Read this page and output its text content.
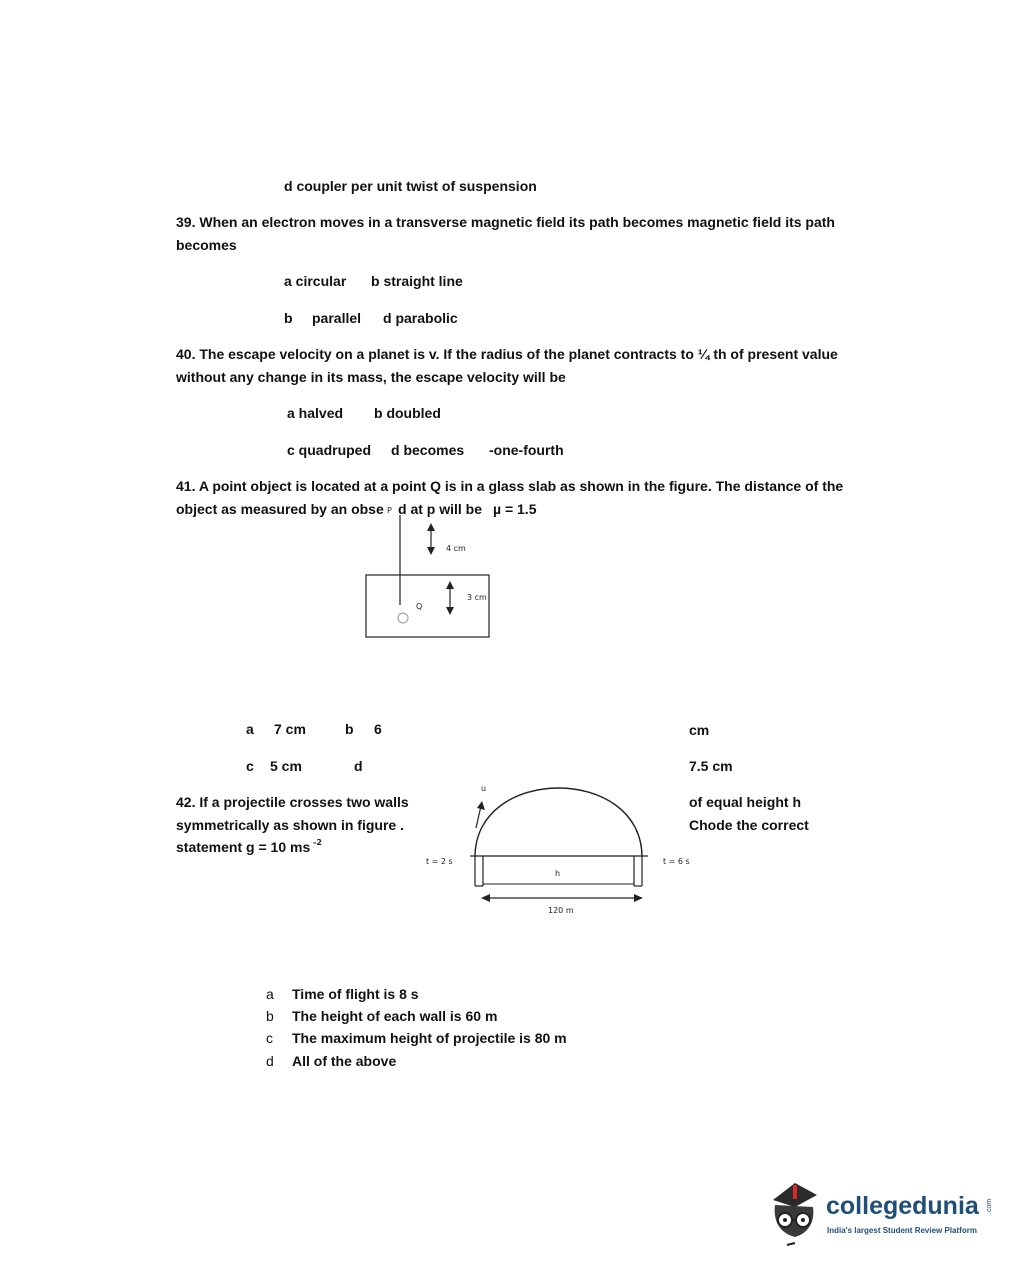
d coupler per unit twist of suspension
39. When an electron moves in a transverse magnetic field its path becomes magnetic field its path
becomes
a circular b straight line
b parallel d parabolic
40. The escape velocity on a planet is v. If the radius of the planet contracts to ¼ th of present value
without any change in its mass, the escape velocity will be
a halved b doubled
c quadruped d becomes -one-fourth
41. A point object is located at a point Q is in a glass slab as shown in the figure. The distance of the
object as measured by an obse P d at p will be µ = 1.5
4 cm
3 cm
Q
a 7 cm	b 6	cm
c 5 cm	d	7.5 cm
42. If a projectile crosses two walls
symmetrically as shown in figure .
statement g = 10 ms -2
of equal height h
Chode the correct
u
t = 2 s	t = 6 s
h
120 m
a Time of flight is 8 s
b The height of each wall is 60 m
c The maximum height of projectile is 80 m
d All of the above
collegedunia .com
India's largest Student Review Platform
